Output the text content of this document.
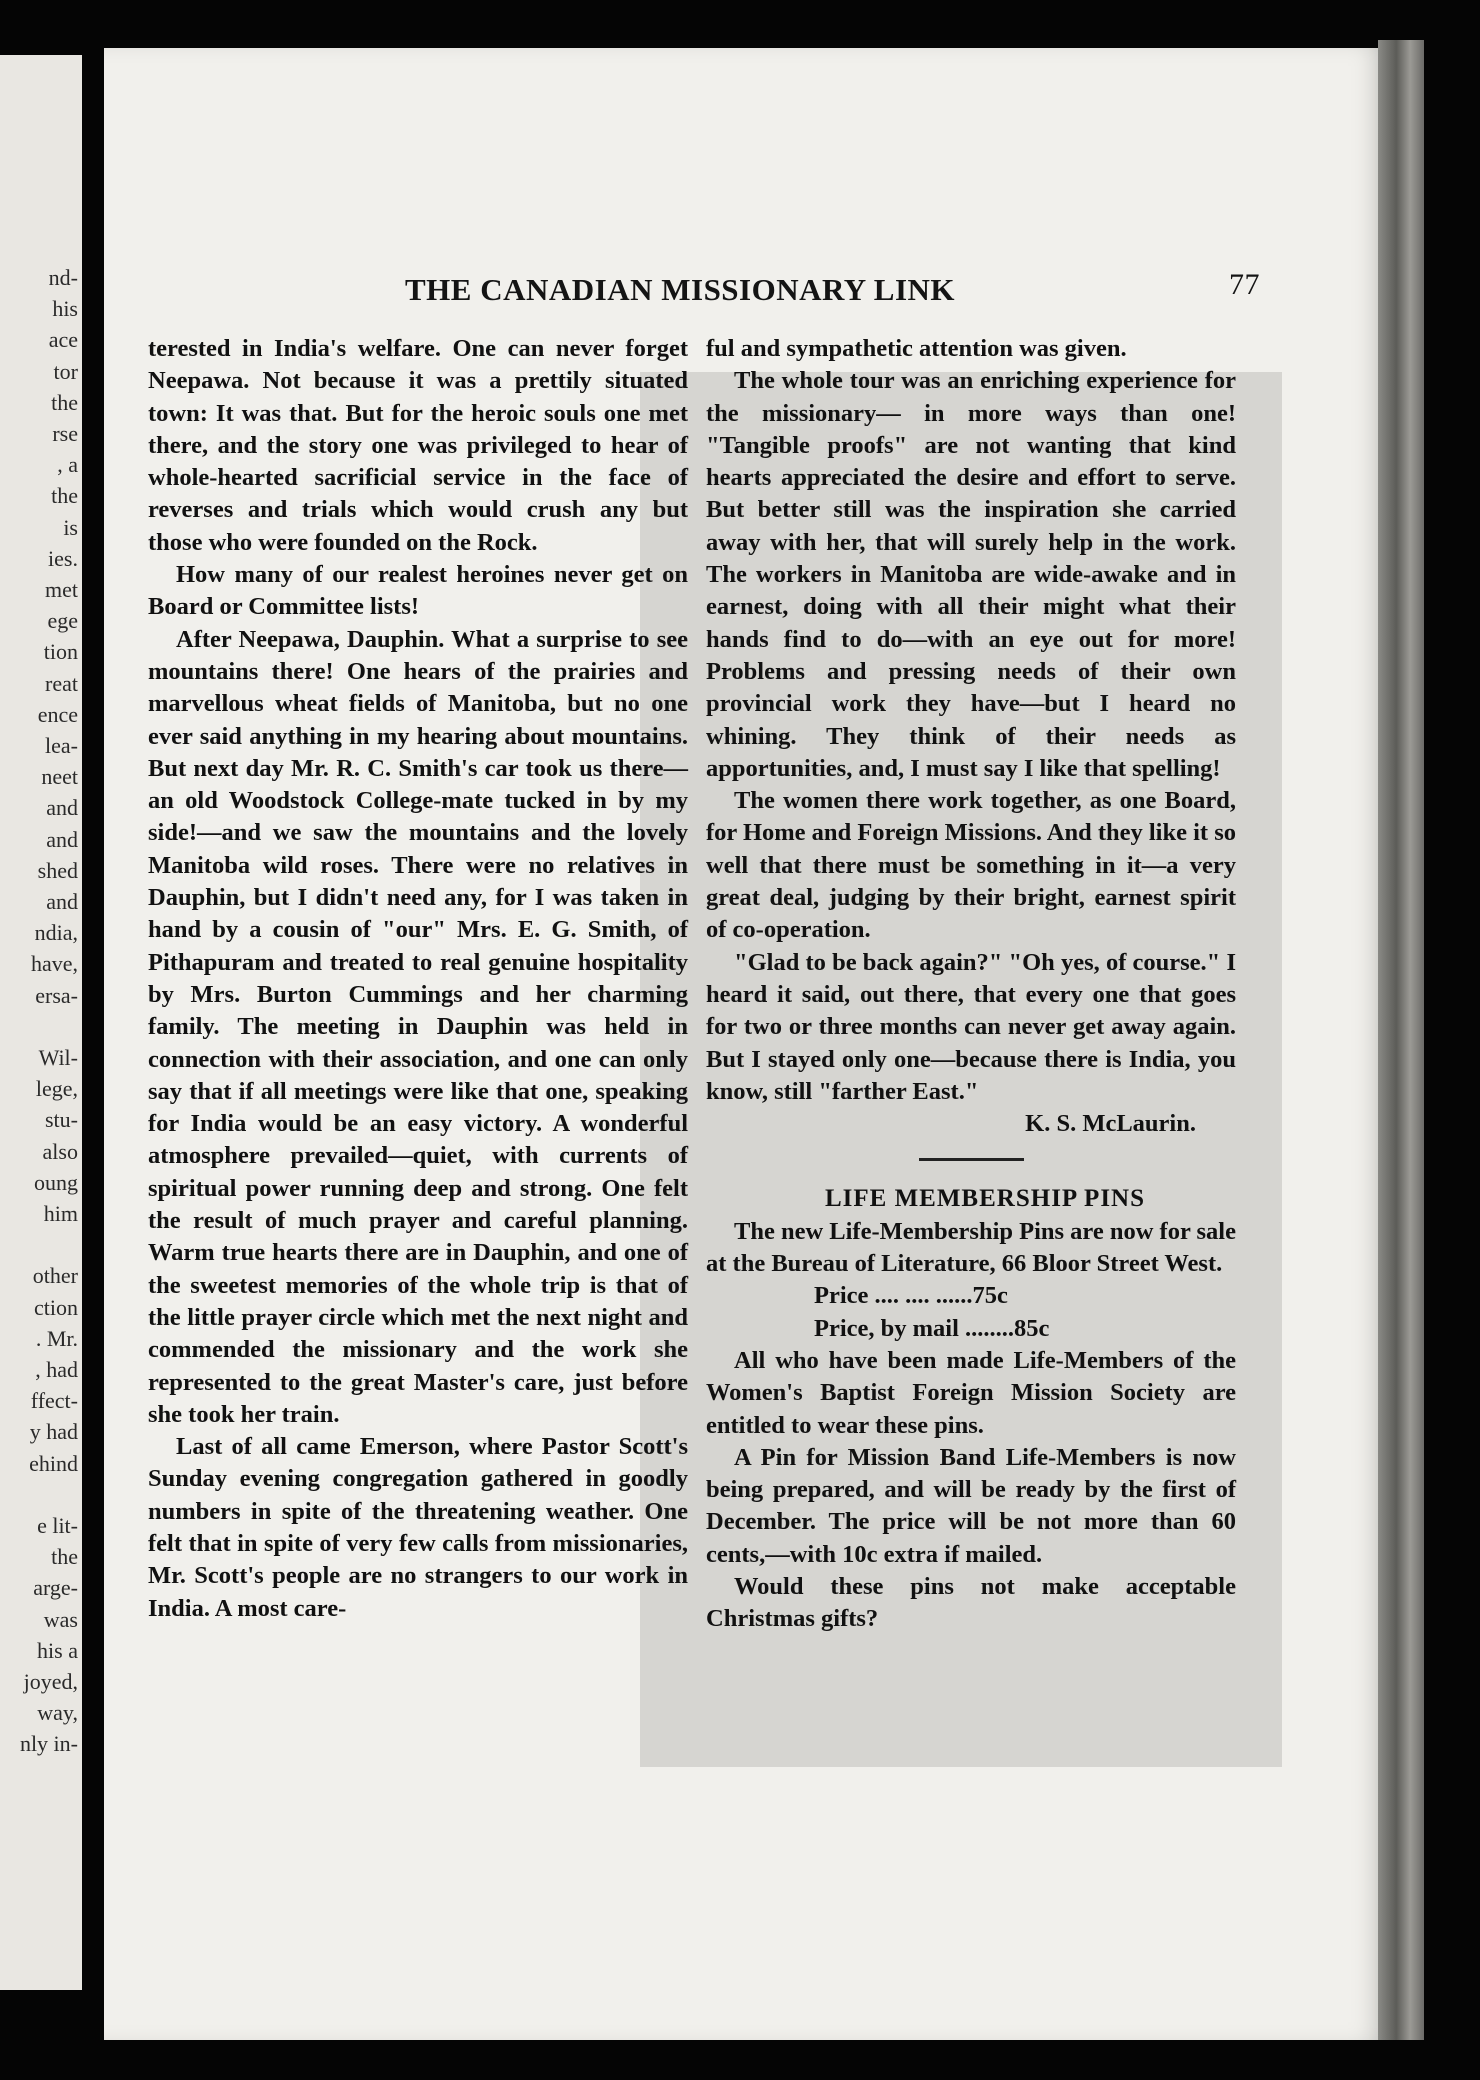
nd-
his
ace
tor
the
rse
, a
the
is
ies.
met
ege
tion
reat
ence
lea-
neet
and
and
shed
and
ndia,
have,
ersa-
Wil-
lege,
stu-
also
oung
him
other
ction
. Mr.
, had
ffect-
y had
ehind
e lit-
the
arge-
was
his a
joyed,
way,
nly in-
THE CANADIAN MISSIONARY LINK	77

terested in India's welfare. One can never forget Neepawa. Not because it was a prettily situated town: It was that. But for the heroic souls one met there, and the story one was privileged to hear of whole-hearted sacrificial service in the face of reverses and trials which would crush any but those who were founded on the Rock.

How many of our realest heroines never get on Board or Committee lists!

After Neepawa, Dauphin. What a surprise to see mountains there! One hears of the prairies and marvellous wheat fields of Manitoba, but no one ever said anything in my hearing about mountains. But next day Mr. R. C. Smith's car took us there—an old Woodstock College-mate tucked in by my side!—and we saw the mountains and the lovely Manitoba wild roses. There were no relatives in Dauphin, but I didn't need any, for I was taken in hand by a cousin of "our" Mrs. E. G. Smith, of Pithapuram and treated to real genuine hospitality by Mrs. Burton Cummings and her charming family. The meeting in Dauphin was held in connection with their association, and one can only say that if all meetings were like that one, speaking for India would be an easy victory. A wonderful atmosphere prevailed—quiet, with currents of spiritual power running deep and strong. One felt the result of much prayer and careful planning. Warm true hearts there are in Dauphin, and one of the sweetest memories of the whole trip is that of the little prayer circle which met the next night and commended the missionary and the work she represented to the great Master's care, just before she took her train.

Last of all came Emerson, where Pastor Scott's Sunday evening congregation gathered in goodly numbers in spite of the threatening weather. One felt that in spite of very few calls from missionaries, Mr. Scott's people are no strangers to our work in India. A most care-

ful and sympathetic attention was given.

The whole tour was an enriching experience for the missionary— in more ways than one! "Tangible proofs" are not wanting that kind hearts appreciated the desire and effort to serve. But better still was the inspiration she carried away with her, that will surely help in the work. The workers in Manitoba are wide-awake and in earnest, doing with all their might what their hands find to do—with an eye out for more! Problems and pressing needs of their own provincial work they have—but I heard no whining. They think of their needs as apportunities, and, I must say I like that spelling!

The women there work together, as one Board, for Home and Foreign Missions. And they like it so well that there must be something in it—a very great deal, judging by their bright, earnest spirit of co-operation.

"Glad to be back again?" "Oh yes, of course." I heard it said, out there, that every one that goes for two or three months can never get away again. But I stayed only one—because there is India, you know, still "farther East."

K. S. McLaurin.

LIFE MEMBERSHIP PINS

The new Life-Membership Pins are now for sale at the Bureau of Literature, 66 Bloor Street West.

Price .... .... ......75c

Price, by mail ........85c

All who have been made Life-Members of the Women's Baptist Foreign Mission Society are entitled to wear these pins.

A Pin for Mission Band Life-Members is now being prepared, and will be ready by the first of December. The price will be not more than 60 cents,—with 10c extra if mailed.

Would these pins not make acceptable Christmas gifts?
